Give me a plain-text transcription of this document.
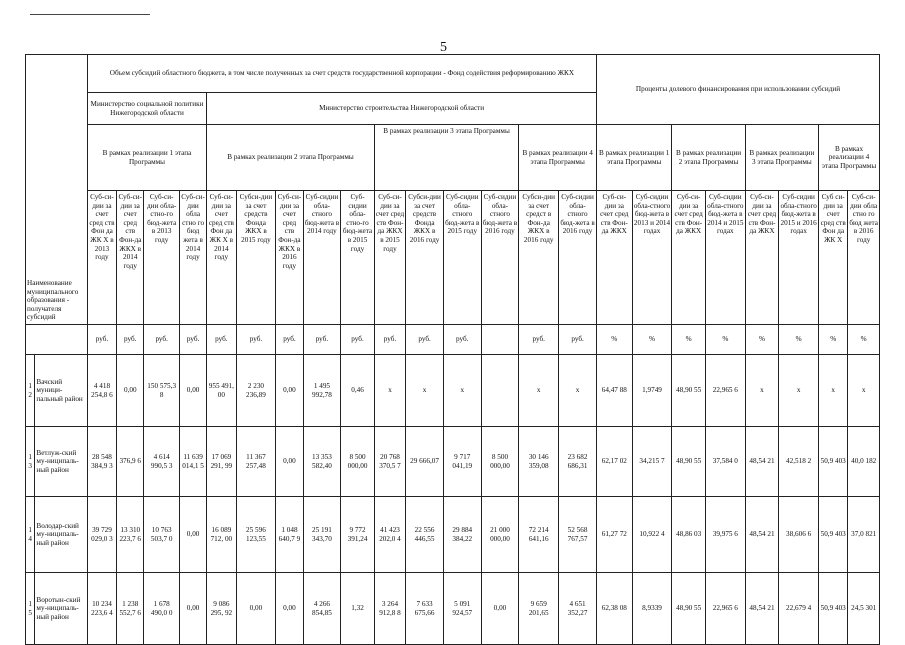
5
Наименование муниципального образования - получателя субсидий		Объем субсидий областного бюджета, в том числе полученных за счет средств государственной корпорации - Фонд содействия реформированию ЖКХ															Проценты долевого финансирования при использовании субсидий							
		Министерство социальной политики Нижегородской области				Министерство строительства Нижегородской области																		
		В рамках реализации 1 этапа Программы				В рамках реализации 2 этапа Программы					В рамках реализации 3 этапа Программы				В рамках реализации 4 этапа Программы		В рамках реализации 1 этапа Программы		В рамках реализации 2 этапа Программы		В рамках реализации 3 этапа Программы		В рамках реализации 4 этапа Программы	
		Суб-си-дии за счет сред ств Фон да ЖК Х в 2013 году	Суб-си-дии за счет сред ств Фон-да ЖКХ в 2014 году	Суб-си-дии обла-стно-го бюд-жета в 2013 году	Суб-си-дии обла стно го бюд жета в 2014 году	Суб-си-дии за счет сред ств Фон да ЖК Х в 2014 году	Субси-дии за счет средств Фонда ЖКХ в 2015 году	Суб-си-дии за счет сред ств Фон-да ЖКХ в 2016 году	Суб-сидии обла-стного бюд-жета в 2014 году	Суб-сидии обла-стно-го бюд-жета в 2015 году	Суб-си-дии за счет сред ств Фон-да ЖКХ в 2015 году	Субси-дии за счет средств Фонда ЖКХ в 2016 году	Суб-сидии обла-стного бюд-жета в 2015 году	Суб-сидии обла-стного бюд-жета в 2016 году	Субси-дии за счет средст в Фон-да ЖКХ в 2016 году	Суб-сидии обла-стного бюд-жета в 2016 году	Суб-си-дии за счет сред ств Фон-да ЖКХ	Суб-сидии обла-стного бюд-жета в 2013 и 2014 годах	Суб-си-дии за счет сред ств Фон-да ЖКХ	Суб-сидии обла-стного бюд-жета в 2014 и 2015 годах	Суб-си-дии за счет сред ств Фон-да ЖКХ	Суб-сидии обла-стного бюд-жета в 2015 и 2016 годах	Суб си-дии за счет сред ств Фон да ЖК Х	Суб-си-дии обла стно го бюд жета в 2016 году
		руб.	руб.	руб.	руб.	руб.	руб.	руб.	руб.	руб.	руб.	руб.	руб.		руб.	руб.	%	%	%	%	%	%	%	%
1 2	Вачский муници-пальный район	4 418 254,8 6	0,00	150 575,3 8	0,00	955 491, 00	2 230 236,89	0,00	1 495 992,78	0,46	x	x	x		x	x	64,47 88	1,9749	48,90 55	22,965 6	x	x	x	x
1 3	Ветлуж-ский му-ниципаль-ный район	28 548 384,9 3	376,9 6	4 614 990,5 3	11 639 014,1 5	17 069 291, 99	11 367 257,48	0,00	13 353 582,40	8 500 000,00	20 768 370,5 7	29 666,07	9 717 041,19	8 500 000,00	30 146 359,08	23 682 686,31	62,17 02	34,215 7	48,90 55	37,584 0	48,54 21	42,518 2	50,9 403	40,0 182
1 4	Володар-ский му-ниципаль-ный район	39 729 029,0 3	13 310 223,7 6	10 763 503,7 0	0,00	16 089 712, 00	25 596 123,55	1 048 640,7 9	25 191 343,70	9 772 391,24	41 423 202,0 4	22 556 446,55	29 884 384,22	21 000 000,00	72 214 641,16	52 568 767,57	61,27 72	10,922 4	48,86 03	39,975 6	48,54 21	38,606 6	50,9 403	37,0 821
1 5	Воротын-ский му-ниципаль-ный район	10 234 223,6 4	1 238 552,7 6	1 678 490,0 0	0,00	9 086 295, 92	0,00	0,00	4 266 854,85	1,32	3 264 912,8 8	7 633 675,66	5 091 924,57	0,00	9 659 201,65	4 651 352,27	62,38 08	8,9339	48,90 55	22,965 6	48,54 21	22,679 4	50,9 403	24,5 301
